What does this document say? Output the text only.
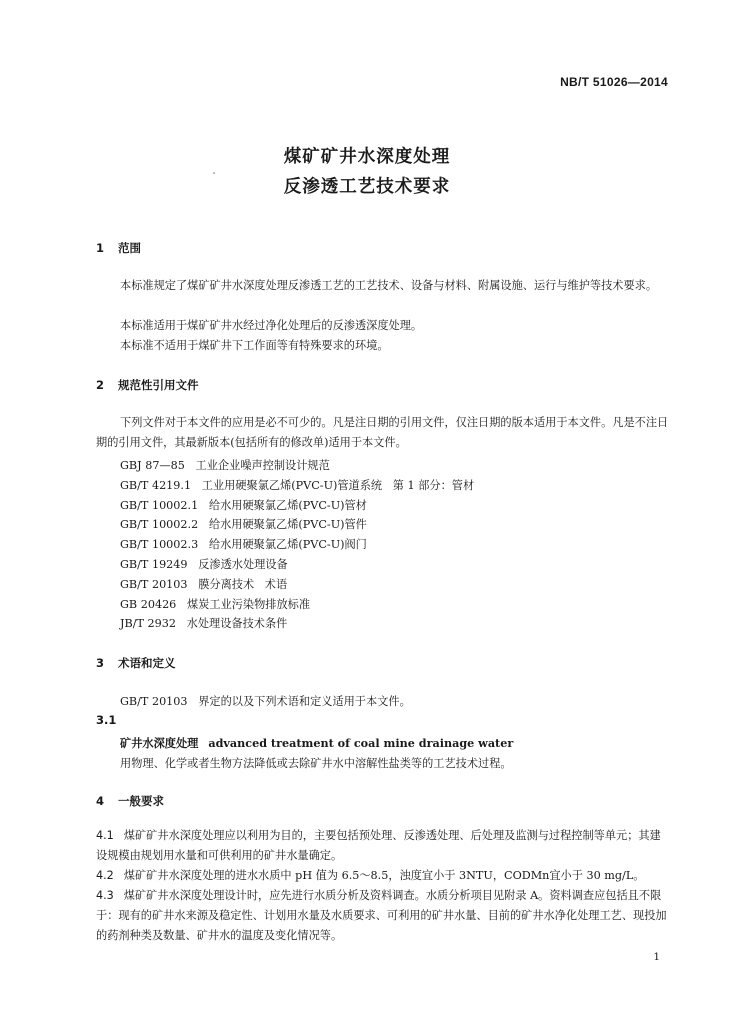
NB/T 51026—2014
煤矿矿井水深度处理
反渗透工艺技术要求
1 范围
本标准规定了煤矿矿井水深度处理反渗透工艺的工艺技术、设备与材料、附属设施、运行与维护等技术要求。
本标准适用于煤矿矿井水经过净化处理后的反渗透深度处理。
本标准不适用于煤矿井下工作面等有特殊要求的环境。
2 规范性引用文件
下列文件对于本文件的应用是必不可少的。凡是注日期的引用文件，仅注日期的版本适用于本文件。凡是不注日期的引用文件，其最新版本(包括所有的修改单)适用于本文件。
GBJ 87—85   工业企业噪声控制设计规范
GB/T 4219.1   工业用硬聚氯乙烯(PVC-U)管道系统   第 1 部分：管材
GB/T 10002.1   给水用硬聚氯乙烯(PVC-U)管材
GB/T 10002.2   给水用硬聚氯乙烯(PVC-U)管件
GB/T 10002.3   给水用硬聚氯乙烯(PVC-U)阀门
GB/T 19249   反渗透水处理设备
GB/T 20103   膜分离技术   术语
GB 20426   煤炭工业污染物排放标准
JB/T 2932   水处理设备技术条件
3 术语和定义
GB/T 20103   界定的以及下列术语和定义适用于本文件。
3.1
矿井水深度处理 advanced treatment of coal mine drainage water
用物理、化学或者生物方法降低或去除矿井水中溶解性盐类等的工艺技术过程。
4 一般要求
4.1 煤矿矿井水深度处理应以利用为目的，主要包括预处理、反渗透处理、后处理及监测与过程控制等单元；其建设规模由规划用水量和可供利用的矿井水量确定。
4.2 煤矿矿井水深度处理的进水水质中 pH 值为 6.5～8.5，浊度宜小于 3NTU，CODMn宜小于 30 mg/L。
4.3 煤矿矿井水深度处理设计时，应先进行水质分析及资料调查。水质分析项目见附录 A。资料调查应包括且不限于：现有的矿井水来源及稳定性、计划用水量及水质要求、可利用的矿井水量、目前的矿井水净化处理工艺、现投加的药剂种类及数量、矿井水的温度及变化情况等。
1
